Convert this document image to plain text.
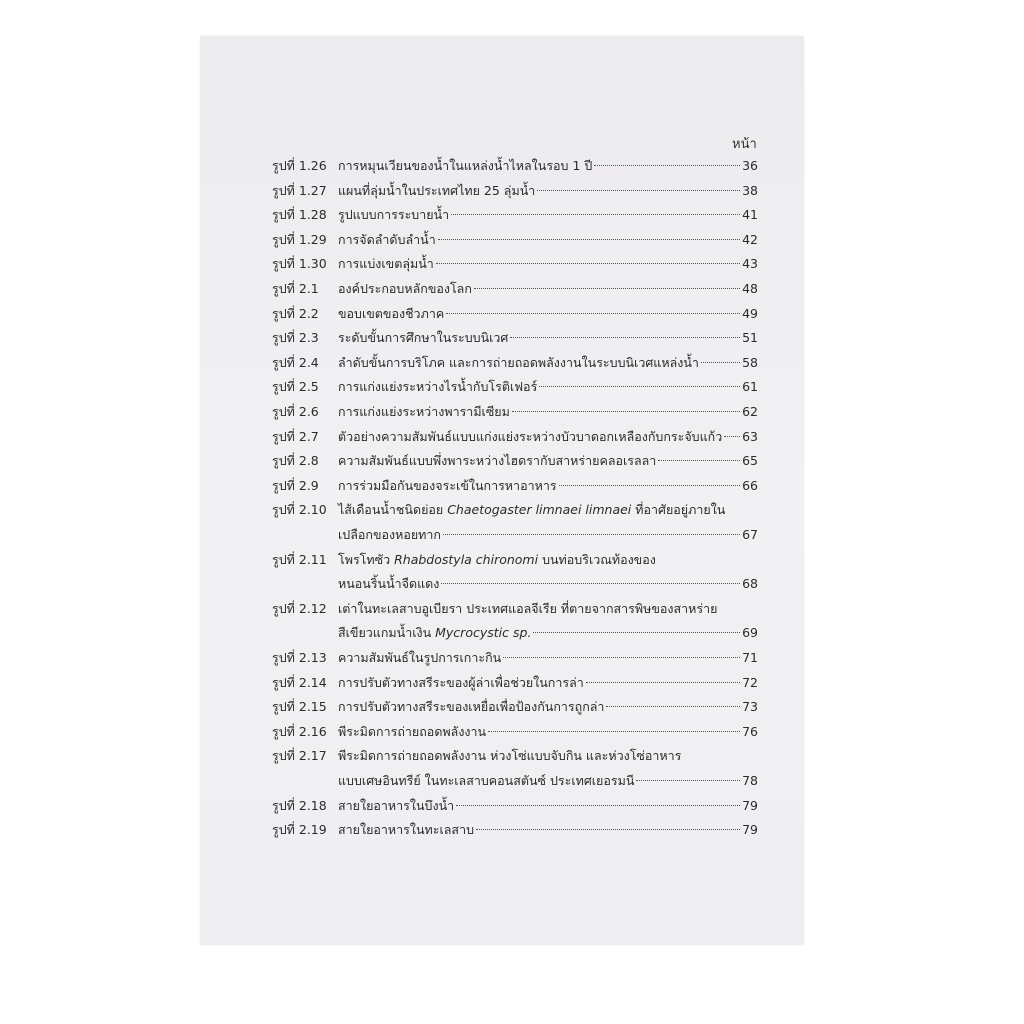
หน้า
รูปที่ 1.26 การหมุนเวียนของน้ำในแหล่งน้ำไหลในรอบ 1 ปี	36
รูปที่ 1.27 แผนที่ลุ่มน้ำในประเทศไทย 25 ลุ่มน้ำ	38
รูปที่ 1.28 รูปแบบการระบายน้ำ	41
รูปที่ 1.29 การจัดลำดับลำน้ำ	42
รูปที่ 1.30 การแบ่งเขตลุ่มน้ำ	43
รูปที่ 2.1	องค์ประกอบหลักของโลก	48
รูปที่ 2.2	ขอบเขตของชีวภาค	49
รูปที่ 2.3	ระดับขั้นการศึกษาในระบบนิเวศ	51
รูปที่ 2.4	ลำดับขั้นการบริโภค และการถ่ายถอดพลังงานในระบบนิเวศแหล่งน้ำ	58
รูปที่ 2.5	การแก่งแย่งระหว่างไรน้ำกับโรติเฟอร์	61
รูปที่ 2.6	การแก่งแย่งระหว่างพารามีเซียม	62
รูปที่ 2.7	ตัวอย่างความสัมพันธ์แบบแก่งแย่งระหว่างบัวบาดอกเหลืองกับกระจับแก้ว 63
รูปที่ 2.8	ความสัมพันธ์แบบพึ่งพาระหว่างไฮดรากับสาหร่ายคลอเรลลา	65
รูปที่ 2.9	การร่วมมือกันของจระเข้ในการหาอาหาร	66
รูปที่ 2.10 ไส้เดือนน้ำชนิดย่อย Chaetogaster limnaei limnaei ที่อาศัยอยู่ภายใน
เปลือกของหอยทาก	67
รูปที่ 2.11 โพรโทซัว Rhabdostyla chironomi บนท่อบริเวณท้องของ
หนอนริ้นน้ำจืดแดง	68
รูปที่ 2.12 เต่าในทะเลสาบอูเบียรา ประเทศแอลจีเรีย ที่ตายจากสารพิษของสาหร่าย
สีเขียวแกมน้ำเงิน Mycrocystic sp.	69
รูปที่ 2.13 ความสัมพันธ์ในรูปการเกาะกิน	71
รูปที่ 2.14 การปรับตัวทางสรีระของผู้ล่าเพื่อช่วยในการล่า	72
รูปที่ 2.15 การปรับตัวทางสรีระของเหยื่อเพื่อป้องกันการถูกล่า	73
รูปที่ 2.16 พีระมิดการถ่ายถอดพลังงาน	76
รูปที่ 2.17 พีระมิดการถ่ายถอดพลังงาน ห่วงโซ่แบบจับกิน และห่วงโซ่อาหาร
แบบเศษอินทรีย์ ในทะเลสาบคอนสตันซ์ ประเทศเยอรมนี	78
รูปที่ 2.18 สายใยอาหารในบึงน้ำ	79
รูปที่ 2.19 สายใยอาหารในทะเลสาบ	79
